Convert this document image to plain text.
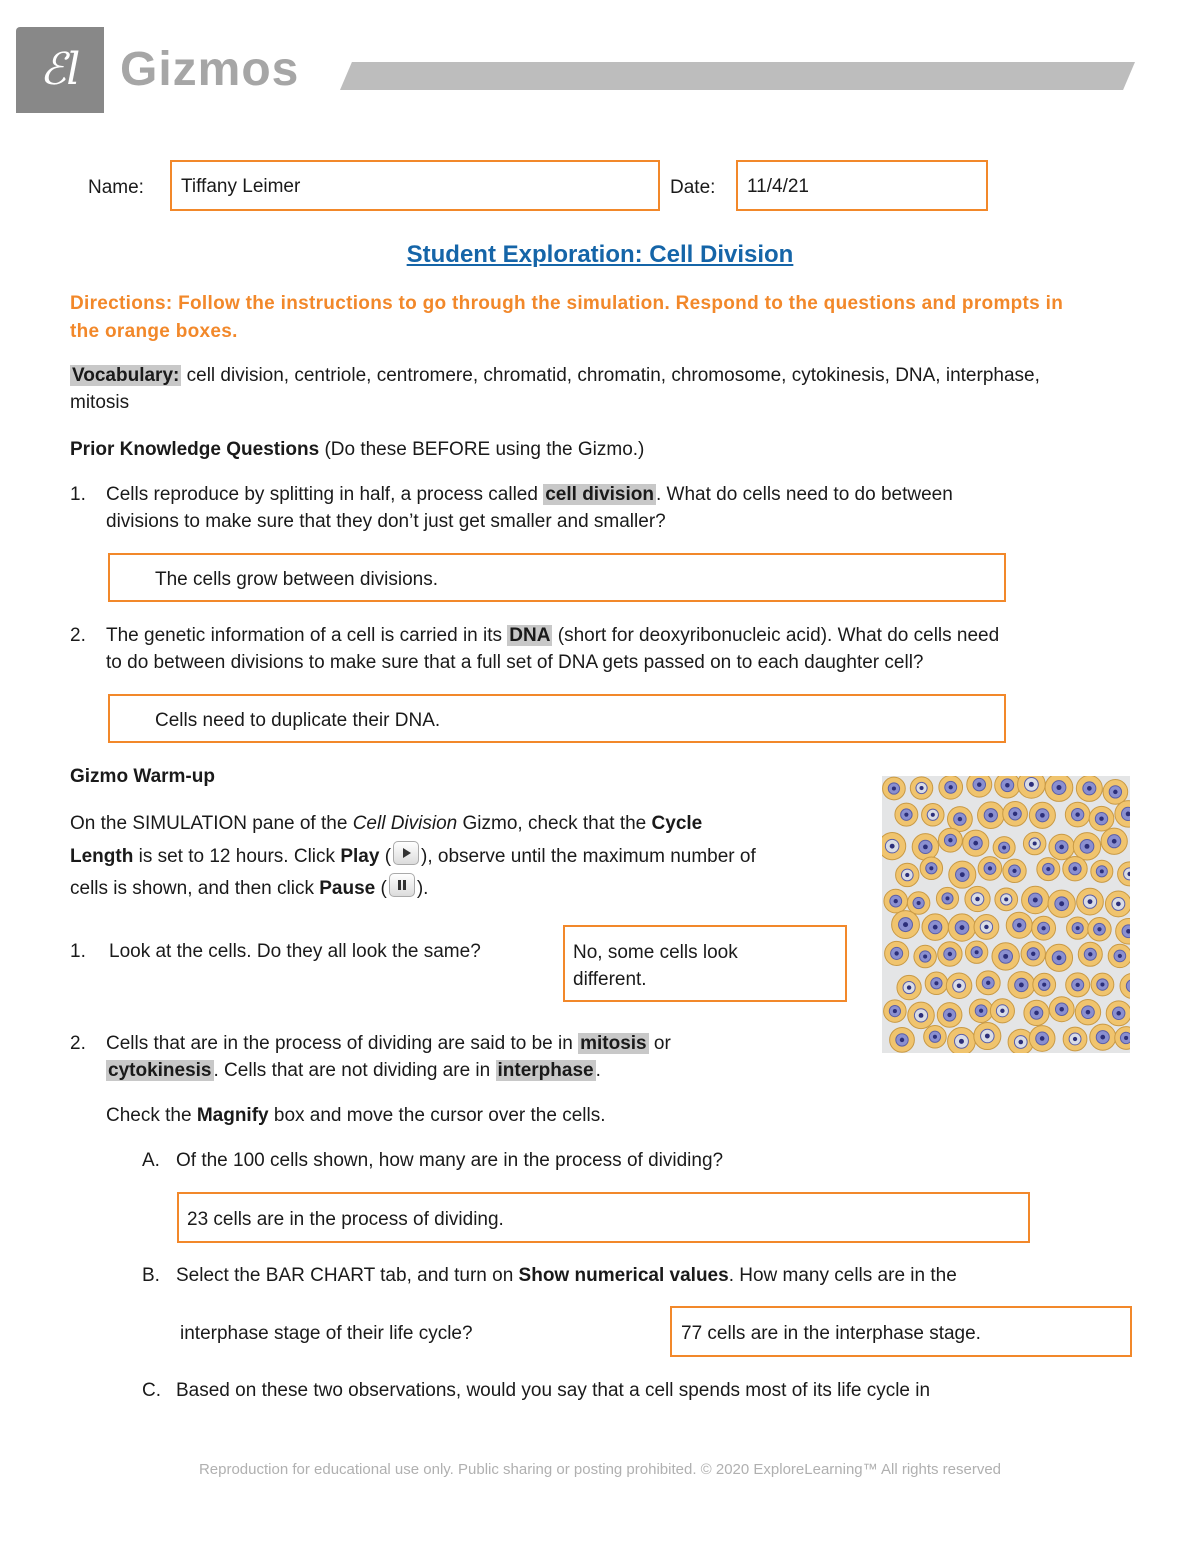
ℰl Gizmos
Name: Tiffany Leimer	Date: 11/4/21
Student Exploration: Cell Division
Directions: Follow the instructions to go through the simulation. Respond to the questions and prompts in the orange boxes.
Vocabulary: cell division, centriole, centromere, chromatid, chromatin, chromosome, cytokinesis, DNA, interphase, mitosis
Prior Knowledge Questions (Do these BEFORE using the Gizmo.)
1. Cells reproduce by splitting in half, a process called cell division . What do cells need to do between
divisions to make sure that they don’t just get smaller and smaller?
The cells grow between divisions.
2. The genetic information of a cell is carried in its DNA (short for deoxyribonucleic acid). What do cells need
to do between divisions to make sure that a full set of DNA gets passed on to each daughter cell?
Cells need to duplicate their DNA.
Gizmo Warm-up
On the SIMULATION pane of the Cell Division Gizmo, check that the Cycle
Length is set to 12 hours. Click Play ( ), observe until the maximum number of
cells is shown, and then click Pause ( ).
1. Look at the cells. Do they all look the same?	No, some cells look different.
2. Cells that are in the process of dividing are said to be in mitosis or
cytokinesis . Cells that are not dividing are in interphase .
Check the Magnify box and move the cursor over the cells.
A. Of the 100 cells shown, how many are in the process of dividing?
23 cells are in the process of dividing.
B. Select the BAR CHART tab, and turn on Show numerical values. How many cells are in the
interphase stage of their life cycle?	77 cells are in the interphase stage.
C. Based on these two observations, would you say that a cell spends most of its life cycle in
Reproduction for educational use only. Public sharing or posting prohibited. © 2020 ExploreLearning™ All rights reserved
